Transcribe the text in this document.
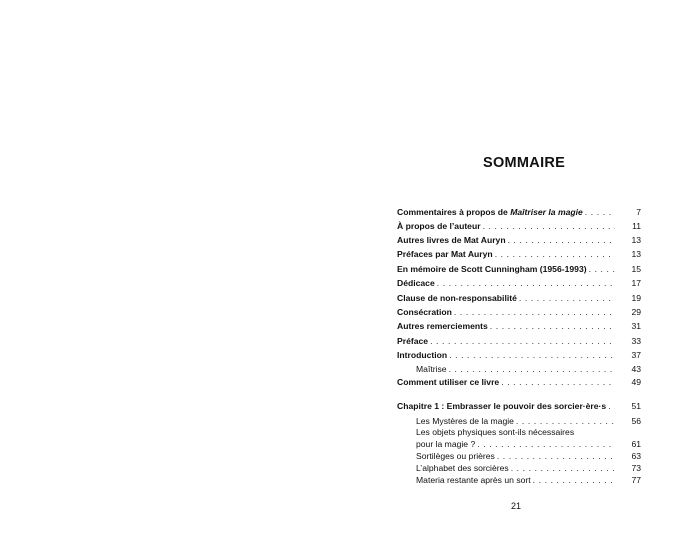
SOMMAIRE
Commentaires à propos de Maîtriser la magie . . .	7
À propos de l’auteur . . .	11
Autres livres de Mat Auryn . . .	13
Préfaces par Mat Auryn . . .	13
En mémoire de Scott Cunningham (1956-1993) . . .	15
Dédicace . . .	17
Clause de non-responsabilité . . .	19
Consécration . . .	29
Autres remerciements . . .	31
Préface . . .	33
Introduction . . .	37
Maîtrise . . .	43
Comment utiliser ce livre . . .	49
Chapitre 1 : Embrasser le pouvoir des sorcier·ère·s . . .	51
Les Mystères de la magie . . .	56
Les objets physiques sont-ils nécessaires
pour la magie ? . . .	61
Sortilèges ou prières . . .	63
L’alphabet des sorcières . . .	73
Materia restante après un sort . . .	77
21
